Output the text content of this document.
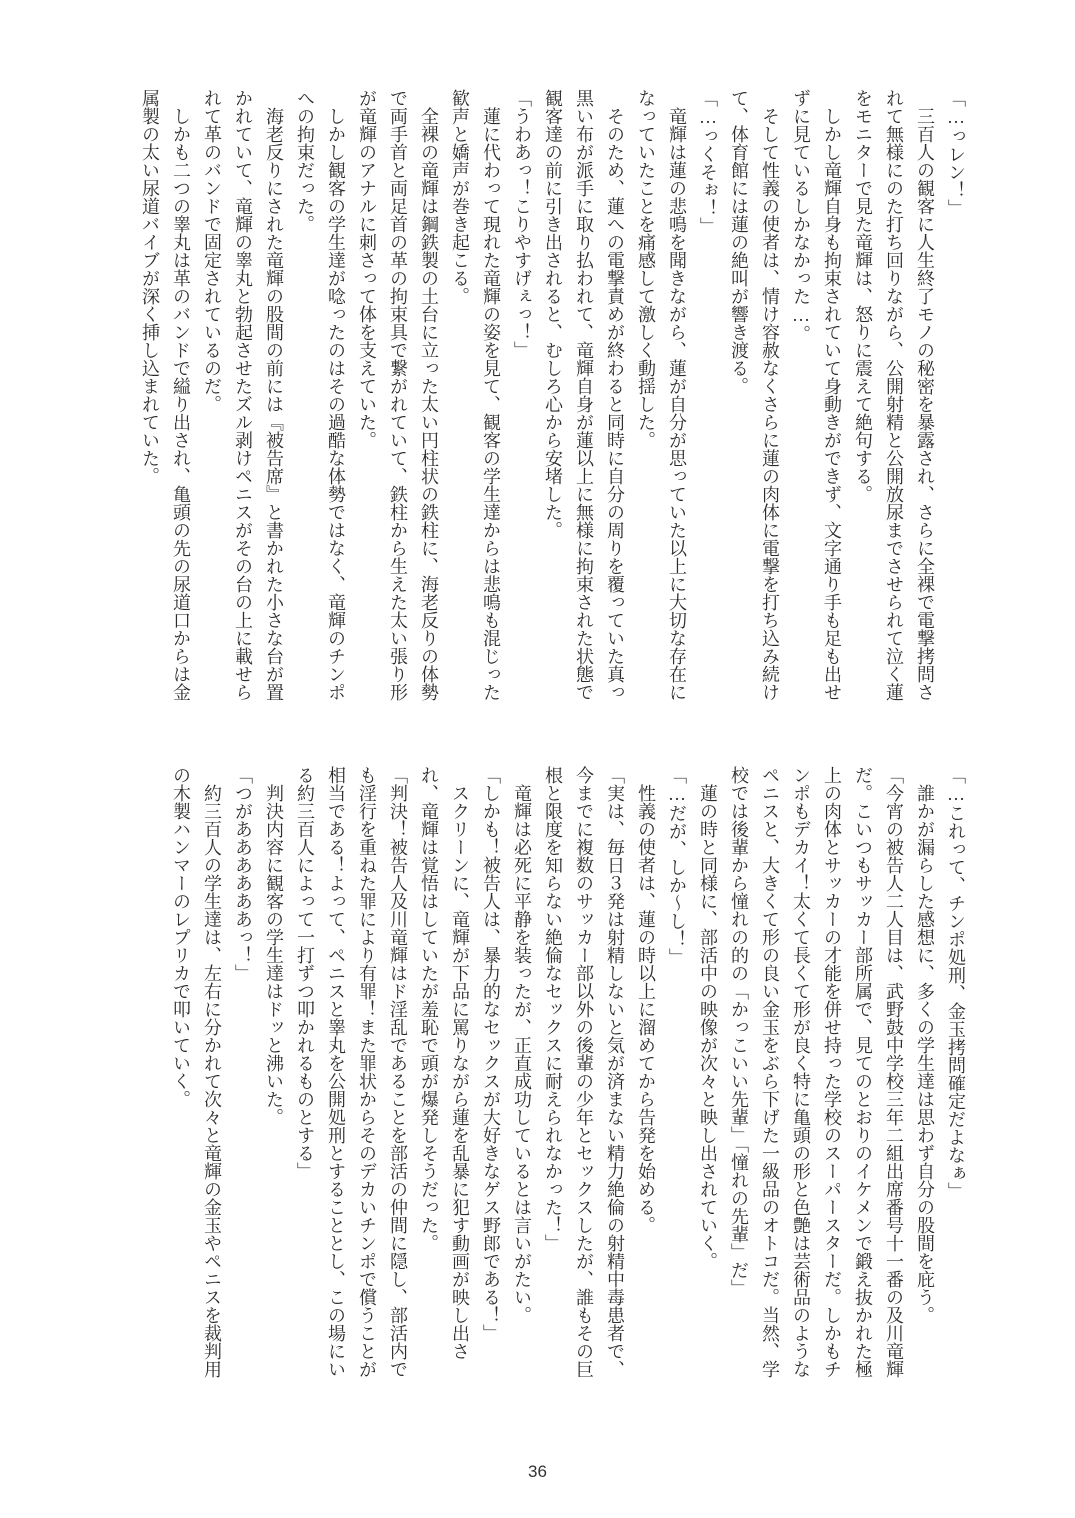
「…っレン！」

三百人の観客に人生終了モノの秘密を暴露され、さらに全裸で電撃拷問されて無様にのた打ち回りながら、公開射精と公開放尿までさせられて泣く蓮をモニターで見た竜輝は、怒りに震えて絶句する。

しかし竜輝自身も拘束されていて身動きができず、文字通り手も足も出せずに見ているしかなかった…。

そして性義の使者は、情け容赦なくさらに蓮の肉体に電撃を打ち込み続けて、体育館には蓮の絶叫が響き渡る。

「…っくそぉ！」

竜輝は蓮の悲鳴を聞きながら、蓮が自分が思っていた以上に大切な存在になっていたことを痛感して激しく動揺した。

そのため、蓮への電撃責めが終わると同時に自分の周りを覆っていた真っ黒い布が派手に取り払われて、竜輝自身が蓮以上に無様に拘束された状態で観客達の前に引き出されると、むしろ心から安堵した。

「うわあっ！こりやすげぇっ！」

蓮に代わって現れた竜輝の姿を見て、観客の学生達からは悲鳴も混じった歓声と嬌声が巻き起こる。

全裸の竜輝は鋼鉄製の土台に立った太い円柱状の鉄柱に、海老反りの体勢で両手首と両足首の革の拘束具で繋がれていて、鉄柱から生えた太い張り形が竜輝のアナルに刺さって体を支えていた。

しかし観客の学生達が唸ったのはその過酷な体勢ではなく、竜輝のチンポへの拘束だった。

海老反りにされた竜輝の股間の前には『被告席』と書かれた小さな台が置かれていて、竜輝の睾丸と勃起させたズル剥けペニスがその台の上に載せられて革のバンドで固定されているのだ。

しかも二つの睾丸は革のバンドで縊り出され、亀頭の先の尿道口からは金属製の太い尿道バイブが深く挿し込まれていた。

「…これって、チンポ処刑、金玉拷問確定だよなぁ」

誰かが漏らした感想に、多くの学生達は思わず自分の股間を庇う。

「今宵の被告人二人目は、武野鼓中学校三年二組出席番号十一番の及川竜輝だ。こいつもサッカー部所属で、見てのとおりのイケメンで鍛え抜かれた極上の肉体とサッカーの才能を併せ持った学校のスーパースターだ。しかもチンポもデカイ！太くて長くて形が良く特に亀頭の形と色艶は芸術品のようなペニスと、大きくて形の良い金玉をぶら下げた一級品のオトコだ。当然、学校では後輩から憧れの的の「かっこいい先輩」「憧れの先輩」だ」

蓮の時と同様に、部活中の映像が次々と映し出されていく。

「…だが、しか～し！」

性義の使者は、蓮の時以上に溜めてから告発を始める。

「実は、毎日３発は射精しないと気が済まない精力絶倫の射精中毒患者で、今までに複数のサッカー部以外の後輩の少年とセックスしたが、誰もその巨根と限度を知らない絶倫なセックスに耐えられなかった！」

竜輝は必死に平静を装ったが、正直成功しているとは言いがたい。

「しかも！被告人は、暴力的なセックスが大好きなゲス野郎である！」

スクリーンに、竜輝が下品に罵りながら蓮を乱暴に犯す動画が映し出され、竜輝は覚悟はしていたが羞恥で頭が爆発しそうだった。

「判決！被告人及川竜輝はド淫乱であることを部活の仲間に隠し、部活内でも淫行を重ねた罪により有罪！また罪状からそのデカいチンポで償うことが相当である！よって、ペニスと睾丸を公開処刑とすることとし、この場にいる約三百人によって一打ずつ叩かれるものとする」

判決内容に観客の学生達はドッと沸いた。

「つがああああああっ！」

約三百人の学生達は、左右に分かれて次々と竜輝の金玉やペニスを裁判用の木製ハンマーのレプリカで叩いていく。

36
